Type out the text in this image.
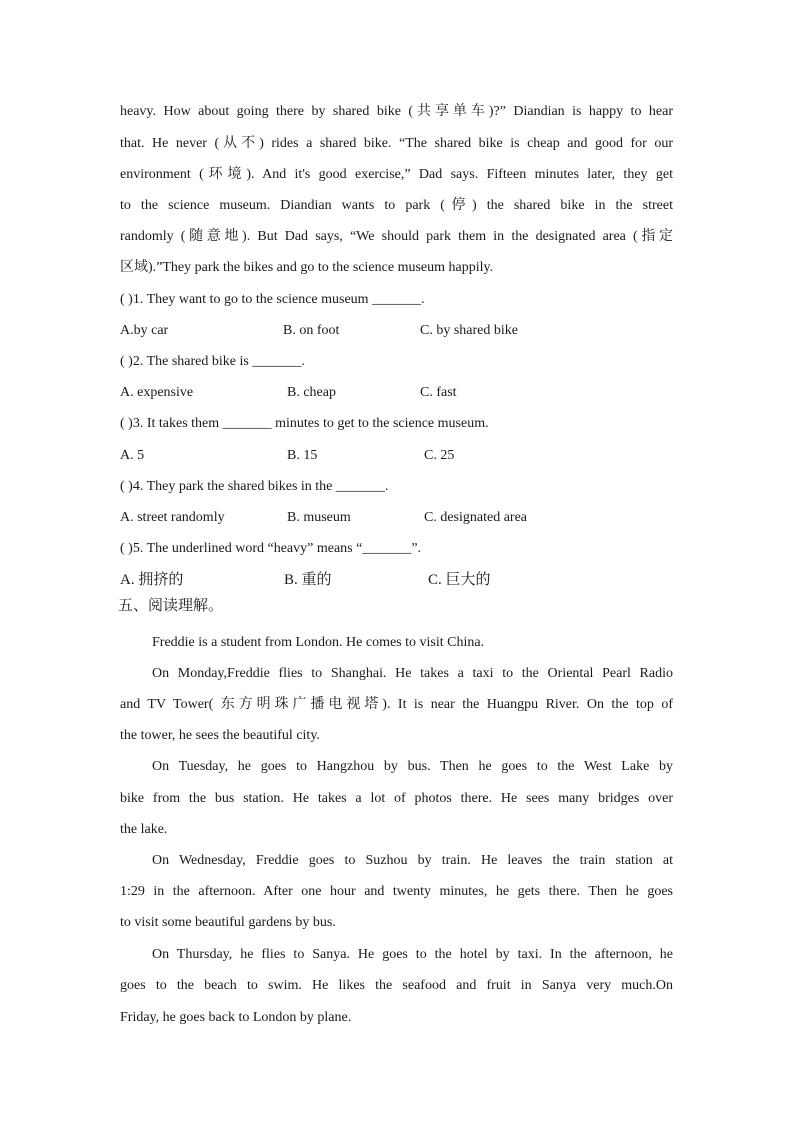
heavy. How about going there by shared bike (共享单车)?” Diandian is happy to hear
that. He never (从不) rides a shared bike. “The shared bike is cheap and good for our
environment (环境). And it's good exercise,” Dad says. Fifteen minutes later, they get
to the science museum. Diandian wants to park (停) the shared bike in the street
randomly (随意地). But Dad says, “We should park them in the designated area (指定
区域).”They park the bikes and go to the science museum happily.
( )1. They want to go to the science museum _______.
A.by car	B. on foot	C. by shared bike
( )2. The shared bike is _______.
A. expensive	B. cheap	C. fast
( )3. It takes them _______ minutes to get to the science museum.
A. 5	B. 15	C. 25
( )4. They park the shared bikes in the _______.
A. street randomly	B. museum	C. designated area
( )5. The underlined word “heavy” means “_______”.
A. 拥挤的	B. 重的	C. 巨大的
五、阅读理解。
Freddie is a student from London. He comes to visit China.
On Monday,Freddie flies to Shanghai. He takes a taxi to the Oriental Pearl Radio
and TV Tower( 东方明珠广播电视塔). It is near the Huangpu River. On the top of
the tower, he sees the beautiful city.
On Tuesday, he goes to Hangzhou by bus. Then he goes to the West Lake by
bike from the bus station. He takes a lot of photos there. He sees many bridges over
the lake.
On Wednesday, Freddie goes to Suzhou by train. He leaves the train station at
1:29 in the afternoon. After one hour and twenty minutes, he gets there. Then he goes
to visit some beautiful gardens by bus.
On Thursday, he flies to Sanya. He goes to the hotel by taxi. In the afternoon, he
goes to the beach to swim. He likes the seafood and fruit in Sanya very much.On
Friday, he goes back to London by plane.
